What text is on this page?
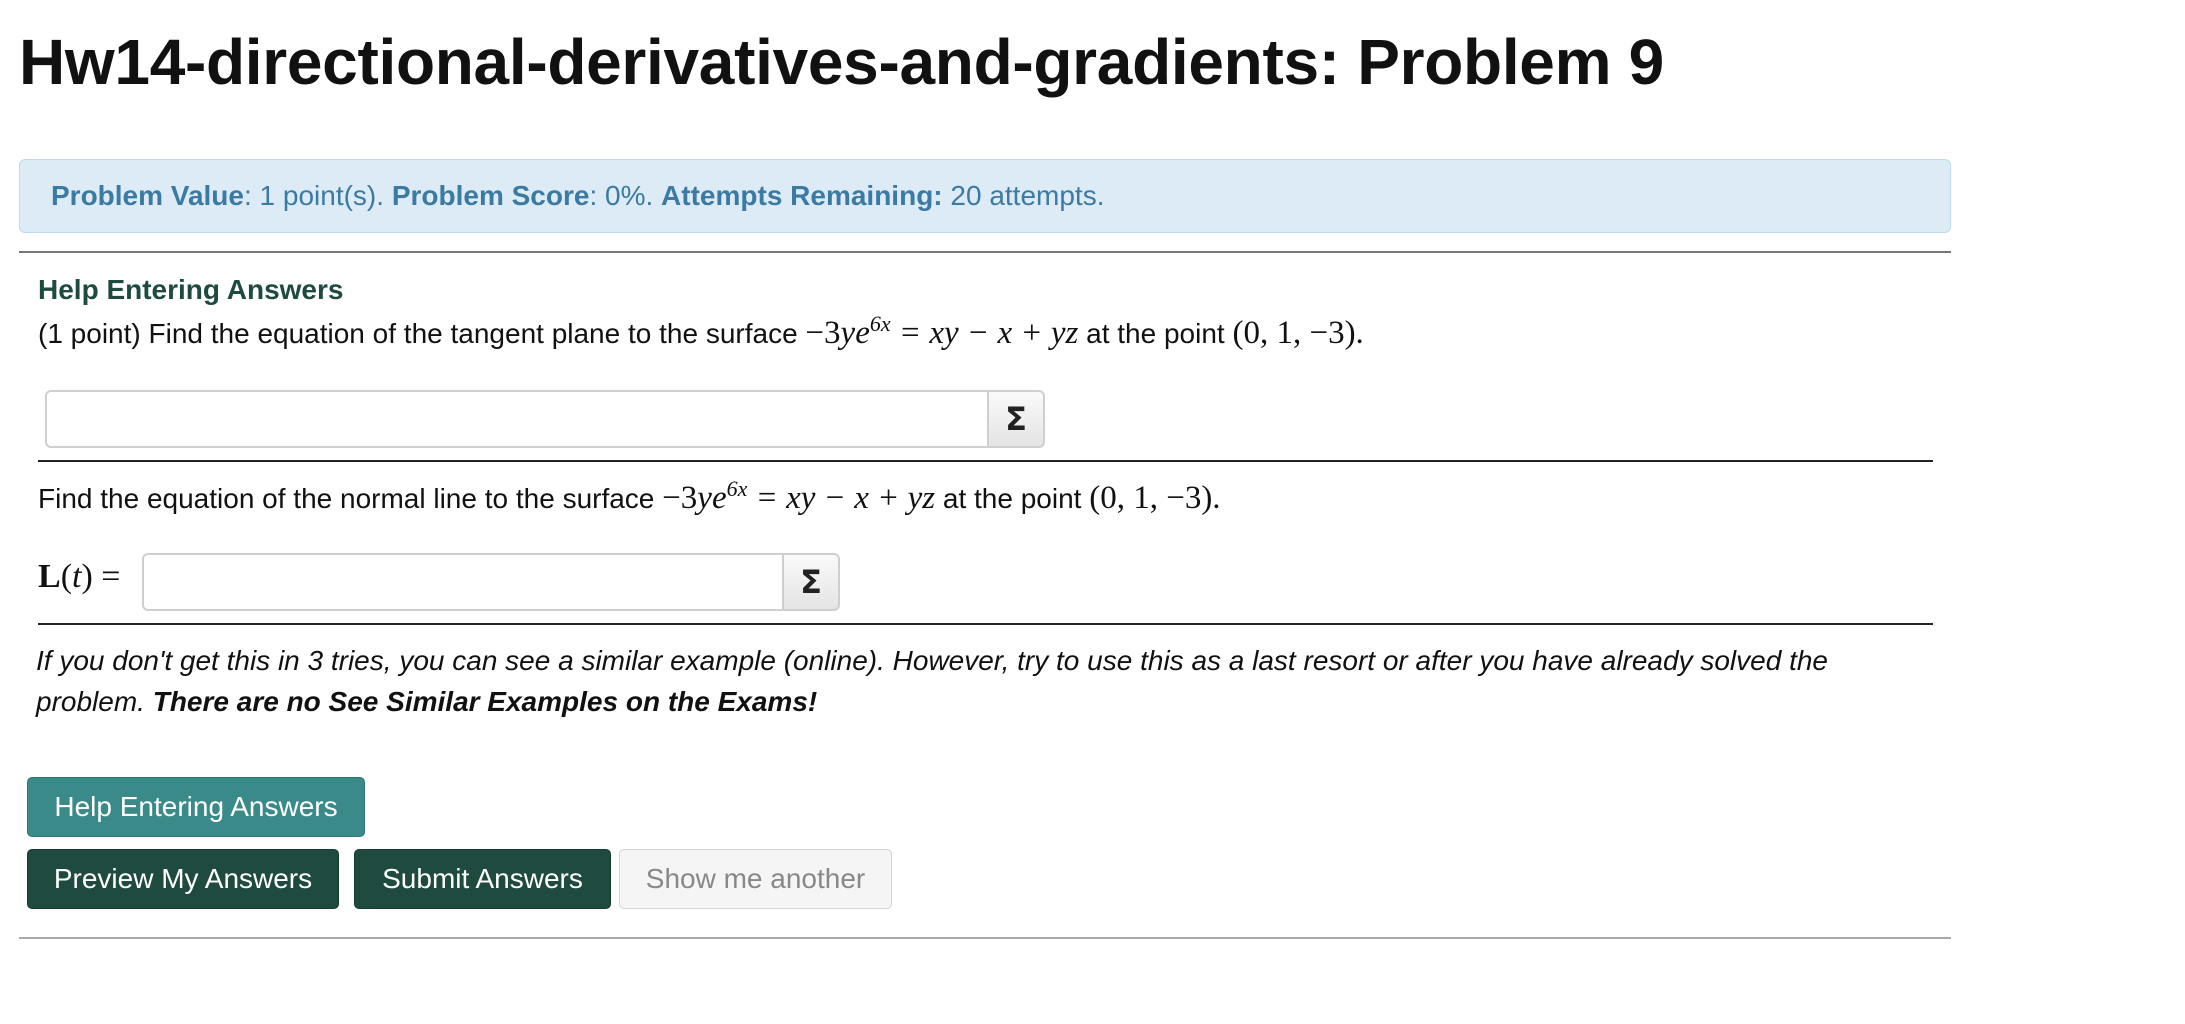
Hw14-directional-derivatives-and-gradients: Problem 9
Problem Value: 1 point(s). Problem Score: 0%. Attempts Remaining: 20 attempts.
Help Entering Answers
(1 point) Find the equation of the tangent plane to the surface $-3ye^{6x}$ = xy − x + yz at the point (0, 1, −3).
Σ
Find the equation of the normal line to the surface $-3ye^{6x}$ = xy − x + yz at the point (0, 1, −3).
L(t) =	Σ
If you don't get this in 3 tries, you can see a similar example (online). However, try to use this as a last resort or after you have already solved the problem. There are no See Similar Examples on the Exams!
Help Entering Answers
Preview My Answers	Submit Answers	Show me another
